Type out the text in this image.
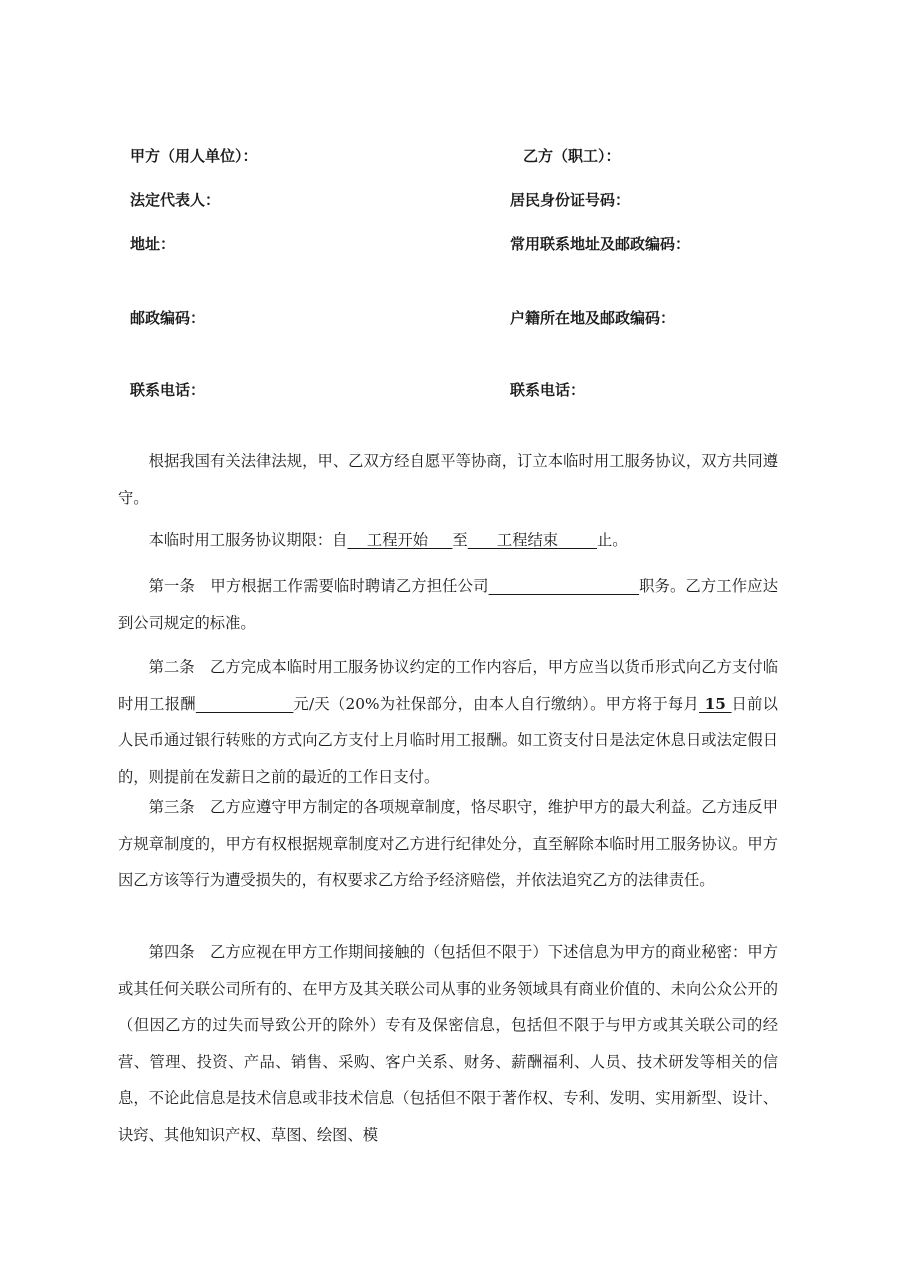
甲方（用人单位）：	乙方（职工）：
法定代表人：	居民身份证号码：
地址：	常用联系地址及邮政编码：
邮政编码：	户籍所在地及邮政编码：
联系电话：	联系电话：

根据我国有关法律法规，甲、乙双方经自愿平等协商，订立本临时用工服务协议，双方共同遵守。

本临时用工服务协议期限：自    工程开始     至      工程结束        止。

第一条　甲方根据工作需要临时聘请乙方担任公司	职务。乙方工作应达到公司规定的标准。

第二条　乙方完成本临时用工服务协议约定的工作内容后，甲方应当以货币形式向乙方支付临时用工报酬	元/天（20%为社保部分，由本人自行缴纳）。甲方将于每月 15 日前以人民币通过银行转账的方式向乙方支付上月临时用工报酬。如工资支付日是法定休息日或法定假日的，则提前在发薪日之前的最近的工作日支付。

第三条　乙方应遵守甲方制定的各项规章制度，恪尽职守，维护甲方的最大利益。乙方违反甲方规章制度的，甲方有权根据规章制度对乙方进行纪律处分，直至解除本临时用工服务协议。甲方因乙方该等行为遭受损失的，有权要求乙方给予经济赔偿，并依法追究乙方的法律责任。

第四条　乙方应视在甲方工作期间接触的（包括但不限于）下述信息为甲方的商业秘密：甲方或其任何关联公司所有的、在甲方及其关联公司从事的业务领域具有商业价值的、未向公众公开的（但因乙方的过失而导致公开的除外）专有及保密信息，包括但不限于与甲方或其关联公司的经营、管理、投资、产品、销售、采购、客户关系、财务、薪酬福利、人员、技术研发等相关的信息，不论此信息是技术信息或非技术信息（包括但不限于著作权、专利、发明、实用新型、设计、诀窍、其他知识产权、草图、绘图、模
